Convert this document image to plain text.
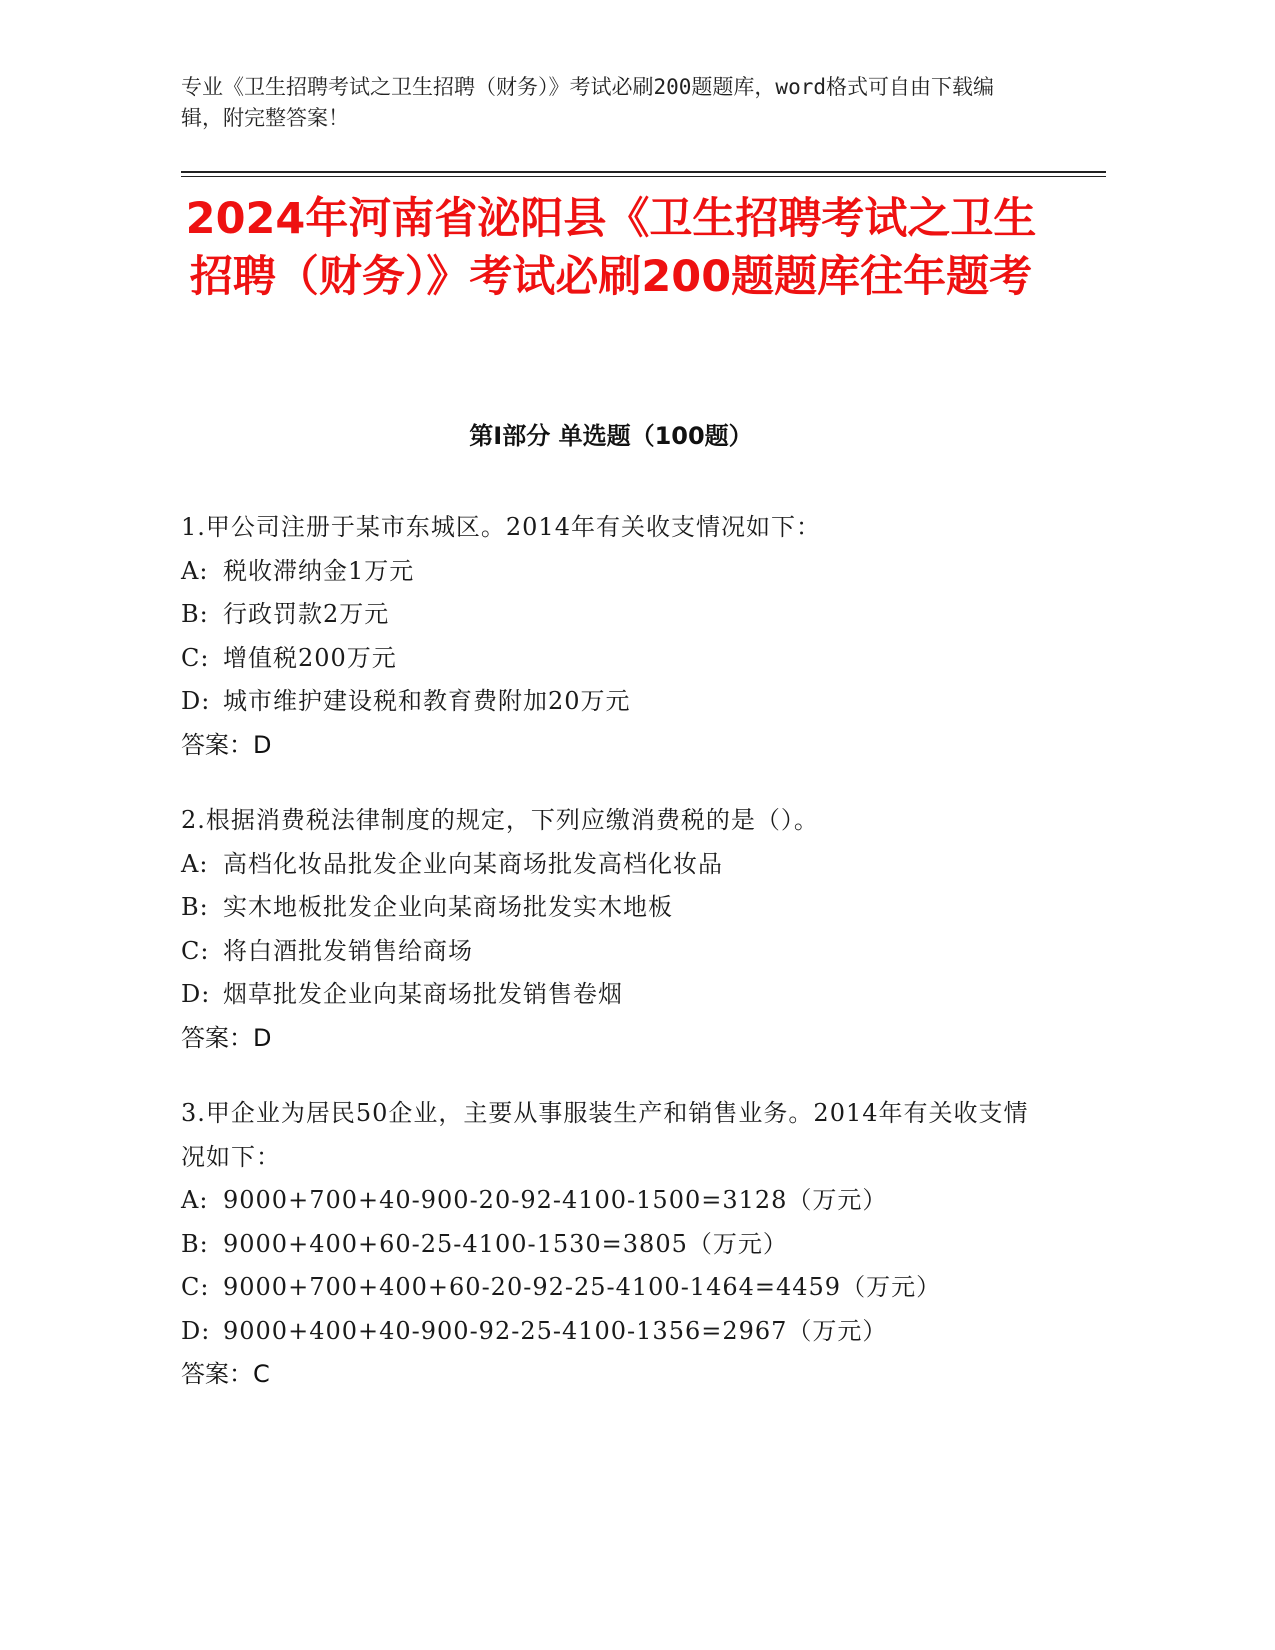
专业《卫生招聘考试之卫生招聘（财务）》考试必刷200题题库，word格式可自由下载编辑，附完整答案！
2024年河南省泌阳县《卫生招聘考试之卫生招聘（财务）》考试必刷200题题库往年题考
第Ⅰ部分 单选题（100题）

1.甲公司注册于某市东城区。2014年有关收支情况如下：

A: 税收滞纳金1万元

B: 行政罚款2万元

C: 增值税200万元

D: 城市维护建设税和教育费附加20万元

答案：D

2.根据消费税法律制度的规定，下列应缴消费税的是（）。

A: 高档化妆品批发企业向某商场批发高档化妆品

B: 实木地板批发企业向某商场批发实木地板

C: 将白酒批发销售给商场

D: 烟草批发企业向某商场批发销售卷烟

答案：D

3.甲企业为居民50企业，主要从事服装生产和销售业务。2014年有关收支情况如下：

A: 9000+700+40-900-20-92-4100-1500=3128（万元）

B: 9000+400+60-25-4100-1530=3805（万元）

C: 9000+700+400+60-20-92-25-4100-1464=4459（万元）

D: 9000+400+40-900-92-25-4100-1356=2967（万元）

答案：C
